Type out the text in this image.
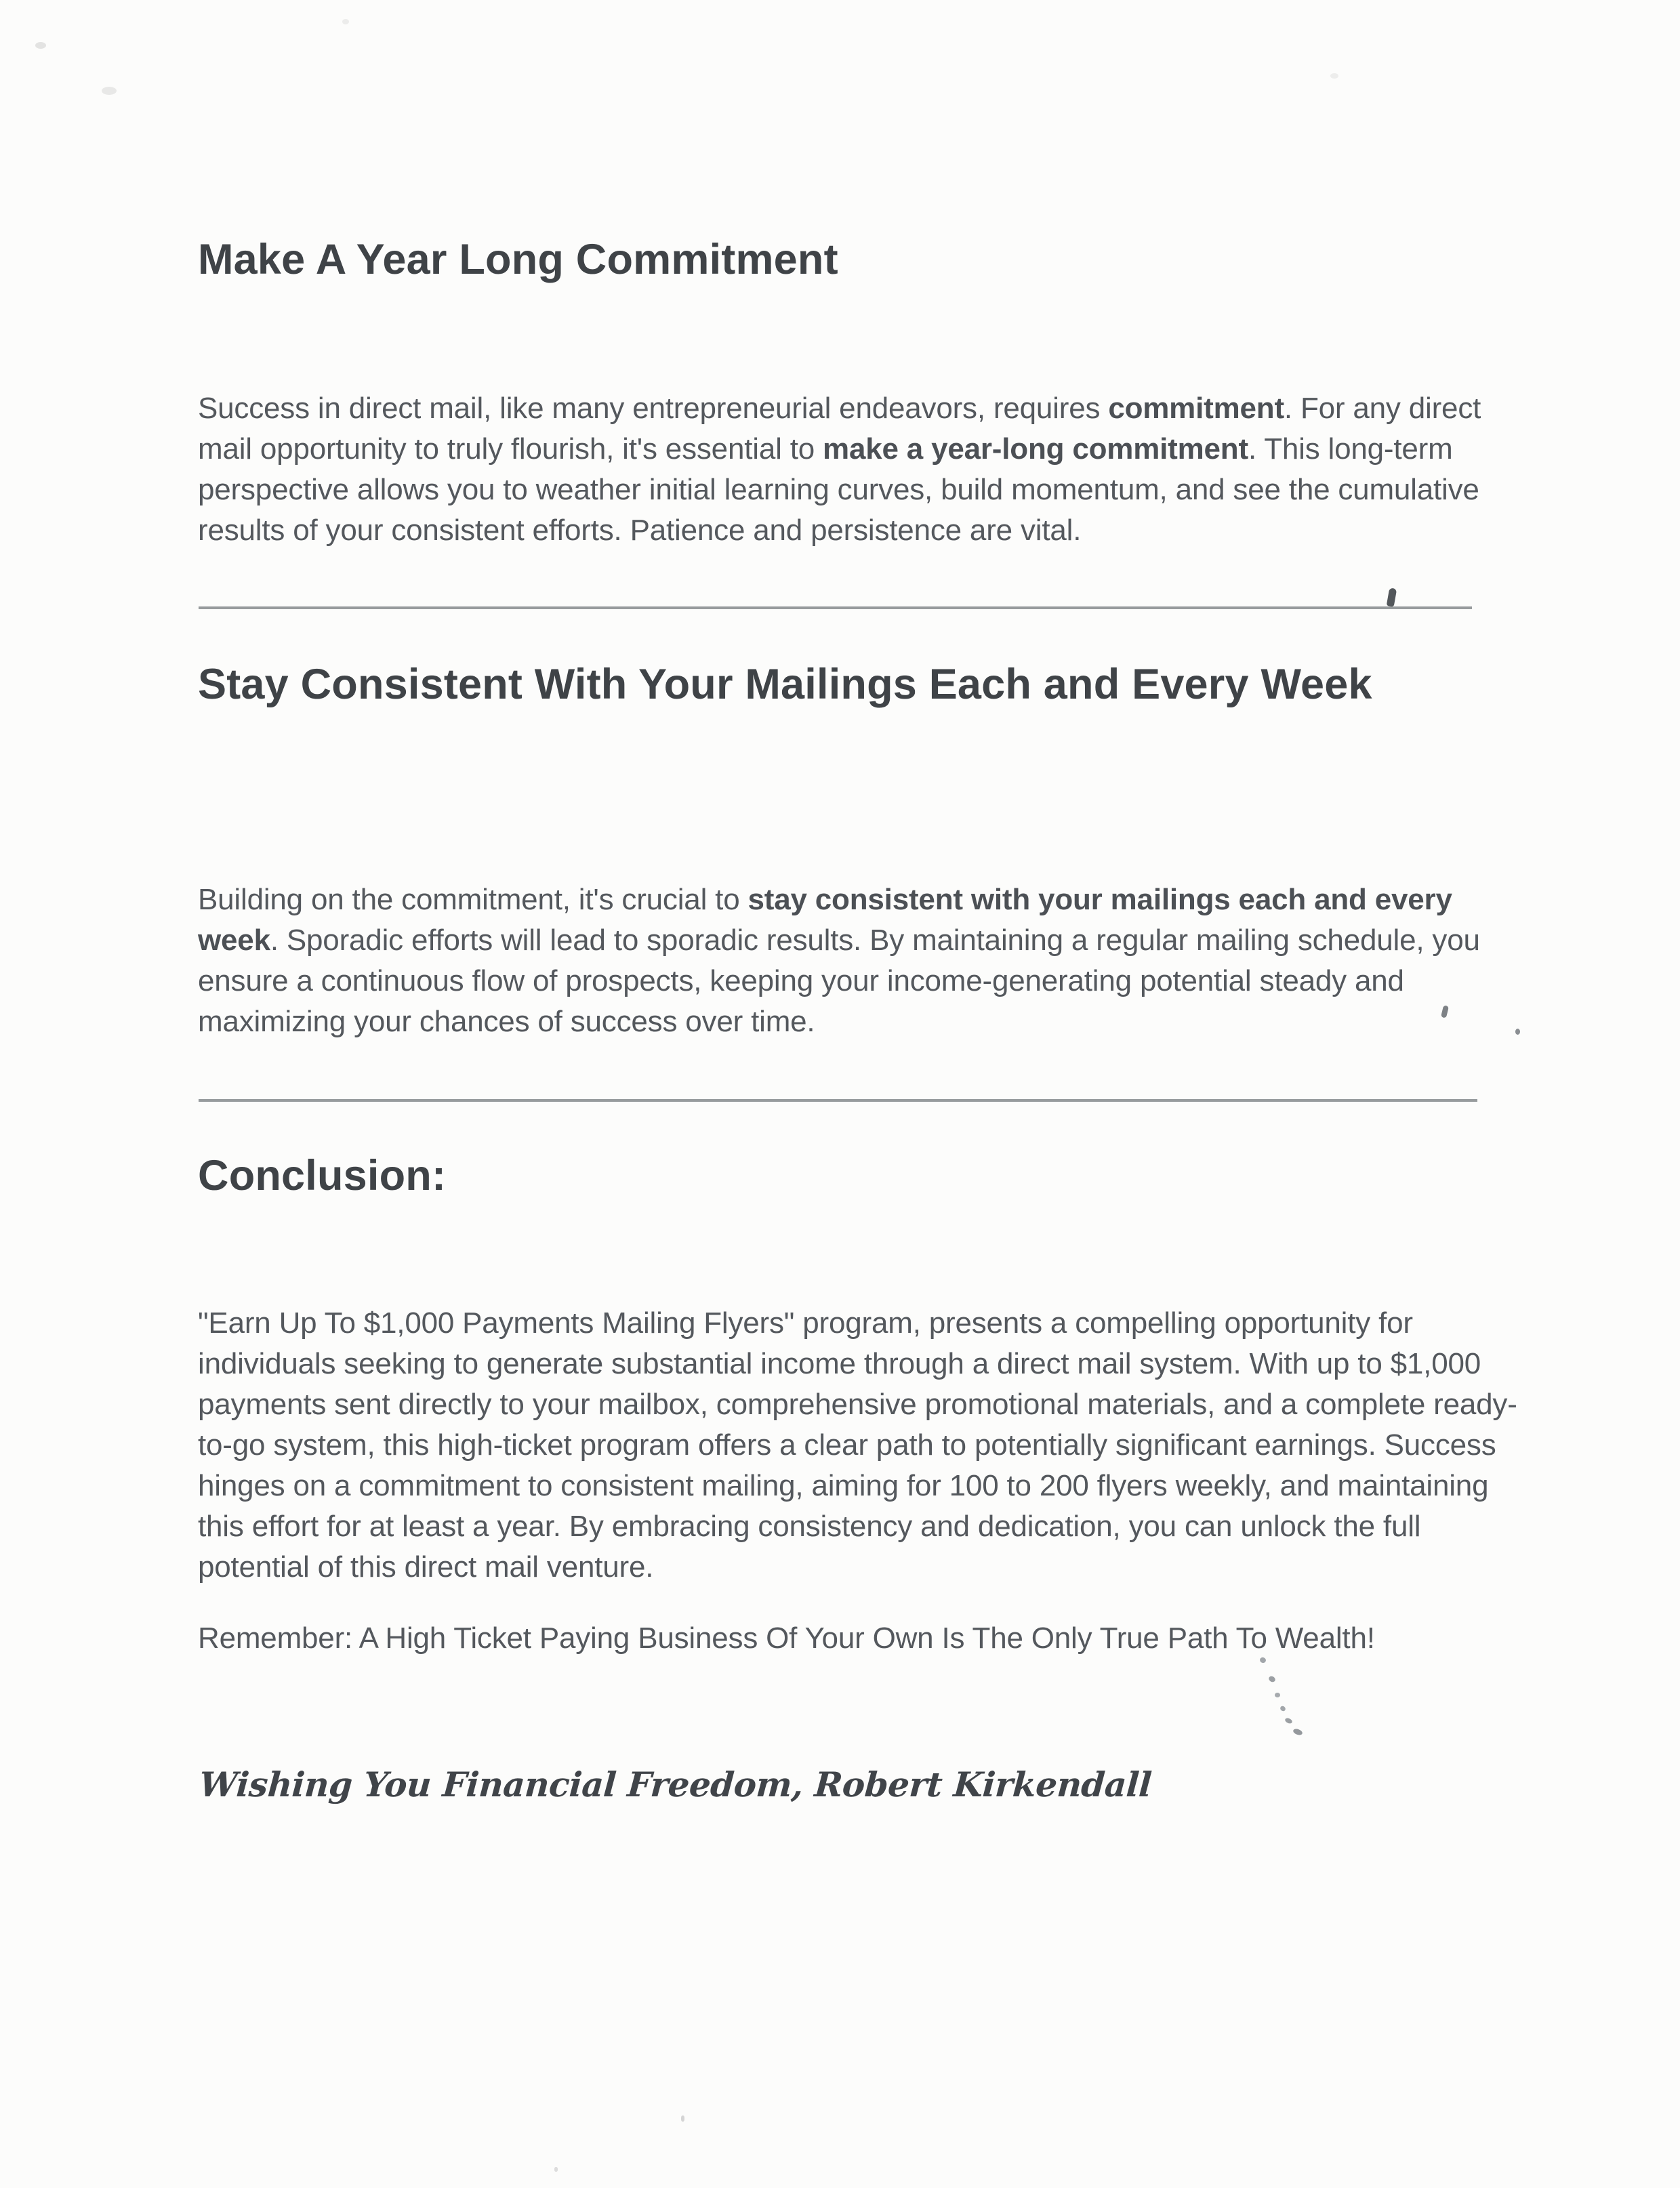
Make A Year Long Commitment

Success in direct mail, like many entrepreneurial endeavors, requires commitment. For any direct mail opportunity to truly flourish, it's essential to make a year-long commitment. This long-term perspective allows you to weather initial learning curves, build momentum, and see the cumulative results of your consistent efforts. Patience and persistence are vital.

Stay Consistent With Your Mailings Each and Every Week

Building on the commitment, it's crucial to stay consistent with your mailings each and every week. Sporadic efforts will lead to sporadic results. By maintaining a regular mailing schedule, you ensure a continuous flow of prospects, keeping your income-generating potential steady and maximizing your chances of success over time.

Conclusion:

"Earn Up To $1,000 Payments Mailing Flyers" program, presents a compelling opportunity for individuals seeking to generate substantial income through a direct mail system. With up to $1,000 payments sent directly to your mailbox, comprehensive promotional materials, and a complete ready-to-go system, this high-ticket program offers a clear path to potentially significant earnings. Success hinges on a commitment to consistent mailing, aiming for 100 to 200 flyers weekly, and maintaining this effort for at least a year. By embracing consistency and dedication, you can unlock the full potential of this direct mail venture.

Remember: A High Ticket Paying Business Of Your Own Is The Only True Path To Wealth!

Wishing You Financial Freedom, Robert Kirkendall
